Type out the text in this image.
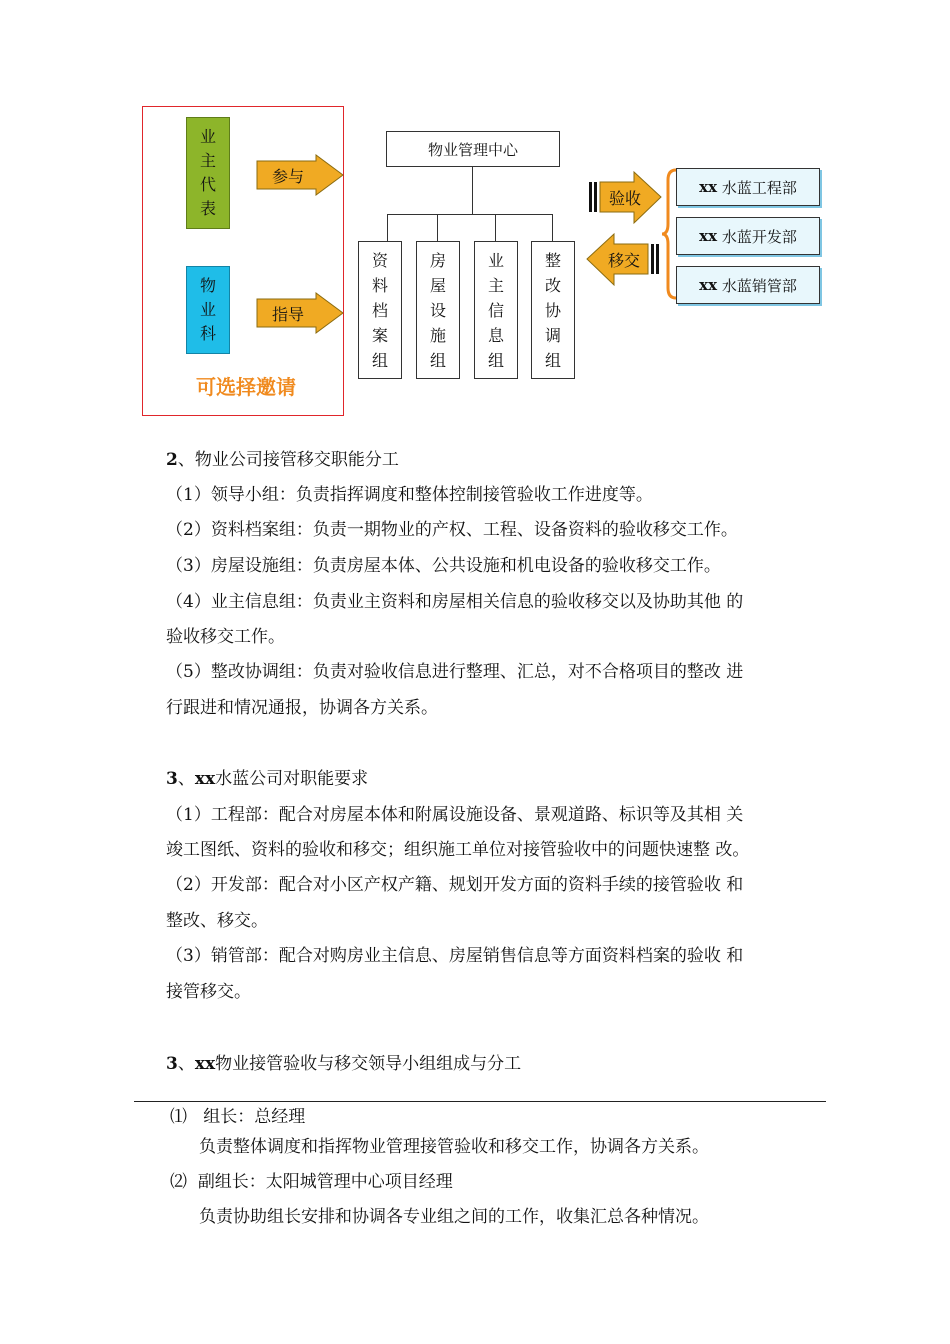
业
主
代
表
物
业
科
参与
指导
可选择邀请
物业管理中心
资
料
档
案
组
房
屋
设
施
组
业
主
信
息
组
整
改
协
调
组
验收
移交
xx
水蓝工程部
xx
水蓝开发部
xx
水蓝销管部
2、物业公司接管移交职能分工
（1）领导小组：负责指挥调度和整体控制接管验收工作进度等。
（2）资料档案组：负责一期物业的产权、工程、设备资料的验收移交工作。
（3）房屋设施组：负责房屋本体、公共设施和机电设备的验收移交工作。
（4）业主信息组：负责业主资料和房屋相关信息的验收移交以及协助其他 的
验收移交工作。
（5）整改协调组：负责对验收信息进行整理、汇总，对不合格项目的整改 进
行跟进和情况通报，协调各方关系。
3、xx水蓝公司对职能要求
（1）工程部：配合对房屋本体和附属设施设备、景观道路、标识等及其相 关
竣工图纸、资料的验收和移交；组织施工单位对接管验收中的问题快速整 改。
（2）开发部：配合对小区产权产籍、规划开发方面的资料手续的接管验收 和
整改、移交。
（3）销管部：配合对购房业主信息、房屋销售信息等方面资料档案的验收 和
接管移交。
3、xx物业接管验收与移交领导小组组成与分工
⑴ 组长：总经理
负责整体调度和指挥物业管理接管验收和移交工作，协调各方关系。
⑵ 副组长：太阳城管理中心项目经理
负责协助组长安排和协调各专业组之间的工作，收集汇总各种情况。
